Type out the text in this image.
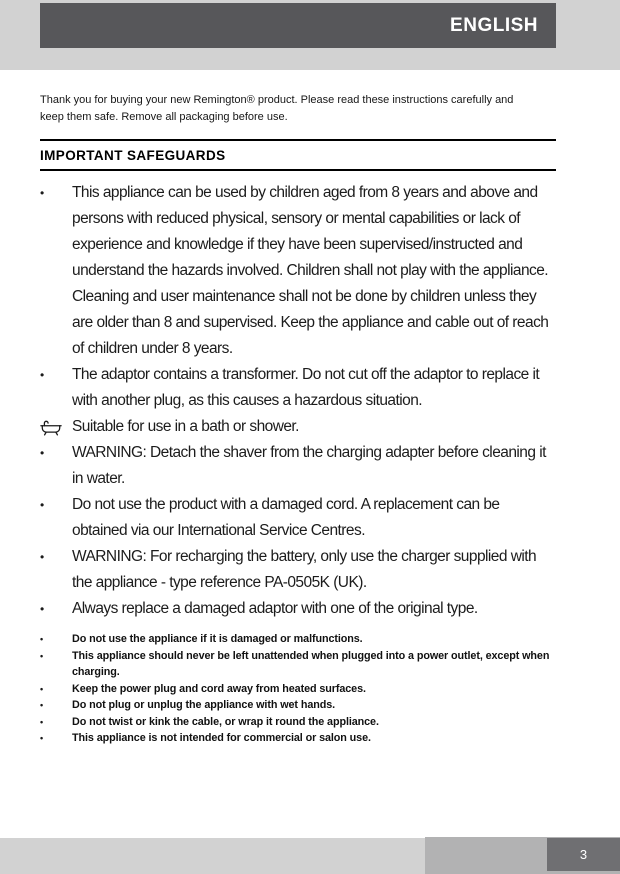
ENGLISH

Thank you for buying your new Remington® product. Please read these instructions carefully and keep them safe. Remove all packaging before use.

IMPORTANT SAFEGUARDS
•	This appliance can be used by children aged from 8 years and above and persons with reduced physical, sensory or mental capabilities or lack of experience and knowledge if they have been supervised/instructed and understand the hazards involved. Children shall not play with the appliance. Cleaning and user maintenance shall not be done by children unless they are older than 8 and supervised. Keep the appliance and cable out of reach of children under 8 years.
•	The adaptor contains a transformer. Do not cut off the adaptor to replace it with another plug, as this causes a hazardous situation.
Suitable for use in a bath or shower.
•	WARNING: Detach the shaver from the charging adapter before cleaning it in water.
•	Do not use the product with a damaged cord. A replacement can be obtained via our International Service Centres.
•	WARNING: For recharging the battery, only use the charger supplied with the appliance - type reference PA-0505K (UK).
•	Always replace a damaged adaptor with one of the original type.
•	Do not use the appliance if it is damaged or malfunctions.
•	This appliance should never be left unattended when plugged into a power outlet, except when charging.
•	Keep the power plug and cord away from heated surfaces.
•	Do not plug or unplug the appliance with wet hands.
•	Do not twist or kink the cable, or wrap it round the appliance.
•	This appliance is not intended for commercial or salon use.
3
